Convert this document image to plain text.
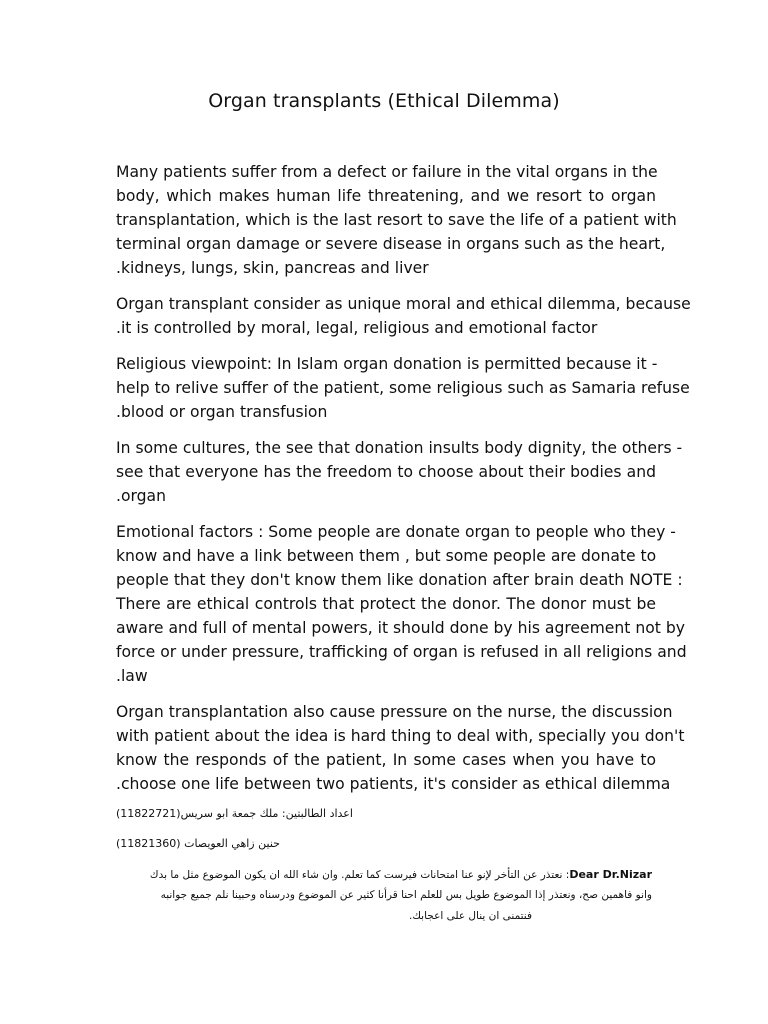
Organ transplants (Ethical Dilemma)
Many patients suffer from a defect or failure in the vital organs in the
body, which makes human life threatening, and we resort to organ
transplantation, which is the last resort to save the life of a patient with
terminal organ damage or severe disease in organs such as the heart,
.kidneys, lungs, skin, pancreas and liver
Organ transplant consider as unique moral and ethical dilemma, because
.it is controlled by moral, legal, religious and emotional factor
Religious viewpoint: In Islam organ donation is permitted because it -
help to relive suffer of the patient, some religious such as Samaria refuse
.blood or organ transfusion
In some cultures, the see that donation insults body dignity, the others -
see that everyone has the freedom to choose about their bodies and
.organ
Emotional factors : Some people are donate organ to people who they -
know and have a link between them , but some people are donate to
people that they don't know them like donation after brain death NOTE :
There are ethical controls that protect the donor. The donor must be
aware and full of mental powers, it should done by his agreement not by
force or under pressure, trafficking of organ is refused in all religions and
.law
Organ transplantation also cause pressure on the nurse, the discussion
with patient about the idea is hard thing to deal with, specially you don't
know the responds of the patient, In some cases when you have to
.choose one life between two patients, it's consider as ethical dilemma
اعداد الطالبتين: ملك جمعة ابو سريس(11822721)
حنين زاهي العويصات (11821360)
Dear Dr.Nizar: نعتذر عن التأخر لإنو عنا امتحانات فيرست كما تعلم. وان شاء الله ان يكون الموضوع مثل ما بدك
وانو فاهمين صح، ونعتذر إذا الموضوع طويل بس للعلم احنا قرأنا كثير عن الموضوع ودرسناه وحبينا نلم جميع جوانبه
فنتمنى ان ينال على اعجابك.
